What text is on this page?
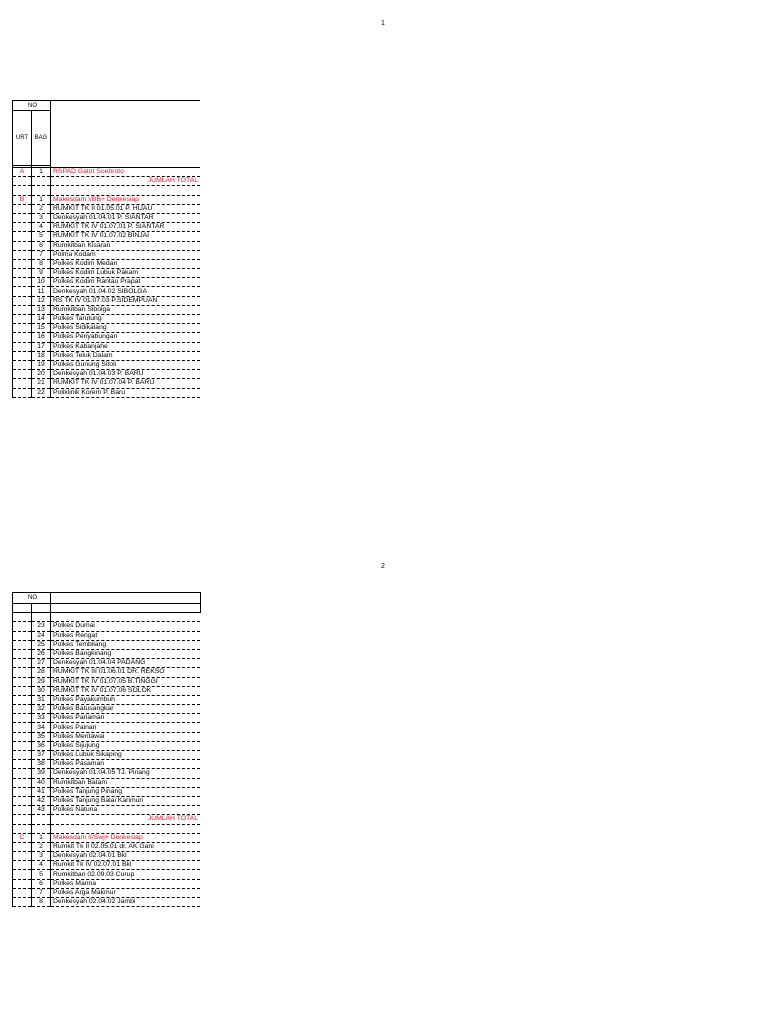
1
NO		
URT	BAG	

A	1	RSPAD Gatot Soebroto
		JUMLAH TOTAL

B	1	Makesdam I/BB+ Denkesiap
	2	RUMKIT TK II 01.05.01 P. HIJAU
	3	Denkesyah 01.04.01 P. SIANTAR
	4	RUMKIT TK IV 01.07.01 P. SIANTAR
	5	RUMKIT TK IV 01.07.02 BINJAI
	6	Rumkitban Kisaran
	7	Polma Kodam
	8	Polkes Kodim Medan
	9	Polkes Kodim Lubuk Pakam
	10	Polkes Kodim Rantau Prapat
	11	Denkesyah 01.04.02 SIBOLGA
	12	RS TK IV 01.07.03 P.SIDEMPUAN
	13	Rumkitban Sibolga
	14	Polkes Tarutung
	15	Polkes Sidikalang
	16	Polkes Penyabungan
	17	Polkes Kabanjahe
	18	Polkes Teluk Dalam
	19	Polkes Gunung Sitoli
	20	Denkesyah 01.04.03 P. BARU
	21	RUMKIT TK IV 01.07.04 P. BARU
	22	Poliklinik Korem P. Baru
2
NO		

	23	Polkes Dumai
	24	Polkes Rengat
	25	Polkes Tembilang
	26	Polkes Bangkinang
	27	Denkesyah 01.04.04 PADANG
	28	RUMKIT TK III 01.06.01 DR. REKSO
	29	RUMKIT TK IV 01.07.05 B.TINGGI
	30	RUMKIT TK IV 01.07.06 SOLOK
	31	Polkes Payakumbuh
	32	Polkes Batusangkar
	33	Polkes Pariaman
	34	Polkes Painan
	35	Polkes Mentawai
	36	Polkes Sijujung
	37	Polkes Lubuk Sikaping
	38	Polkes Pasaman
	39	Denkesyah 01.04.05 TJ. Pinang
	40	Rumkitban Batam
	41	Polkes Tanjung Pinang
	42	Polkes Tanjung Balai Karimun
	43	Polkes Natuna
		JUMLAH TOTAL

C	1	Makesdam II/Swj+ Denkesiap
	2	Rumkit Tk II 02.05.01 dr. AK Gani
	3	Denkesyah 02.04.01 Bkl
	4	Rumkit Tk IV 02.07.01 Bkl
	5	Rumkitban 02.09.03 Curup
	6	Polkes Manna
	7	Polkes Arga Makmur
	8	Denkesyah 02.04.02 Jambi
